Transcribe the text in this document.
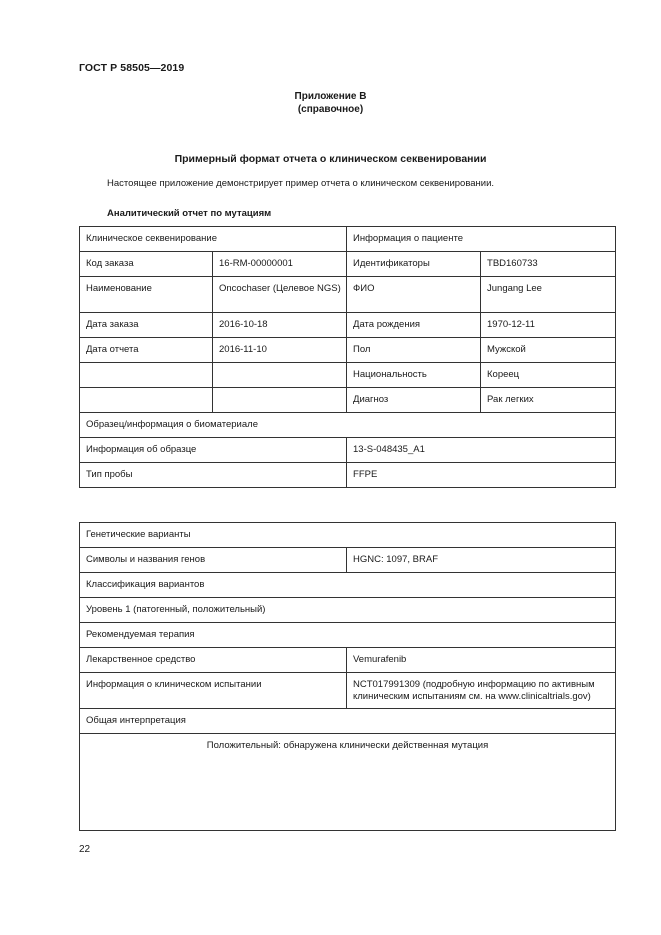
ГОСТ Р 58505—2019
Приложение В
(справочное)
Примерный формат отчета о клиническом секвенировании
Настоящее приложение демонстрирует пример отчета о клиническом секвенировании.
Аналитический отчет по мутациям
Клиническое секвенирование		Информация о пациенте	
Код заказа	16-RM-00000001	Идентификаторы	TBD160733
Наименование	Oncochaser (Целевое NGS)	ФИО	Jungang Lee
Дата заказа	2016-10-18	Дата рождения	1970-12-11
Дата отчета	2016-11-10	Пол	Мужской
		Национальность	Кореец
		Диагноз	Рак легких
Образец/информация о биоматериале			
Информация об образце		13-S-048435_A1	
Тип пробы		FFPE	
Генетические варианты	
Символы и названия генов	HGNC: 1097, BRAF
Классификация вариантов	
Уровень 1 (патогенный, положительный)	
Рекомендуемая терапия	
Лекарственное средство	Vemurafenib
Информация о клиническом испытании	NCT017991309 (подробную информацию по активным клиническим испытаниям см. на www.clinicaltrials.gov)
Общая интерпретация	
Положительный: обнаружена клинически действенная мутация	
22
